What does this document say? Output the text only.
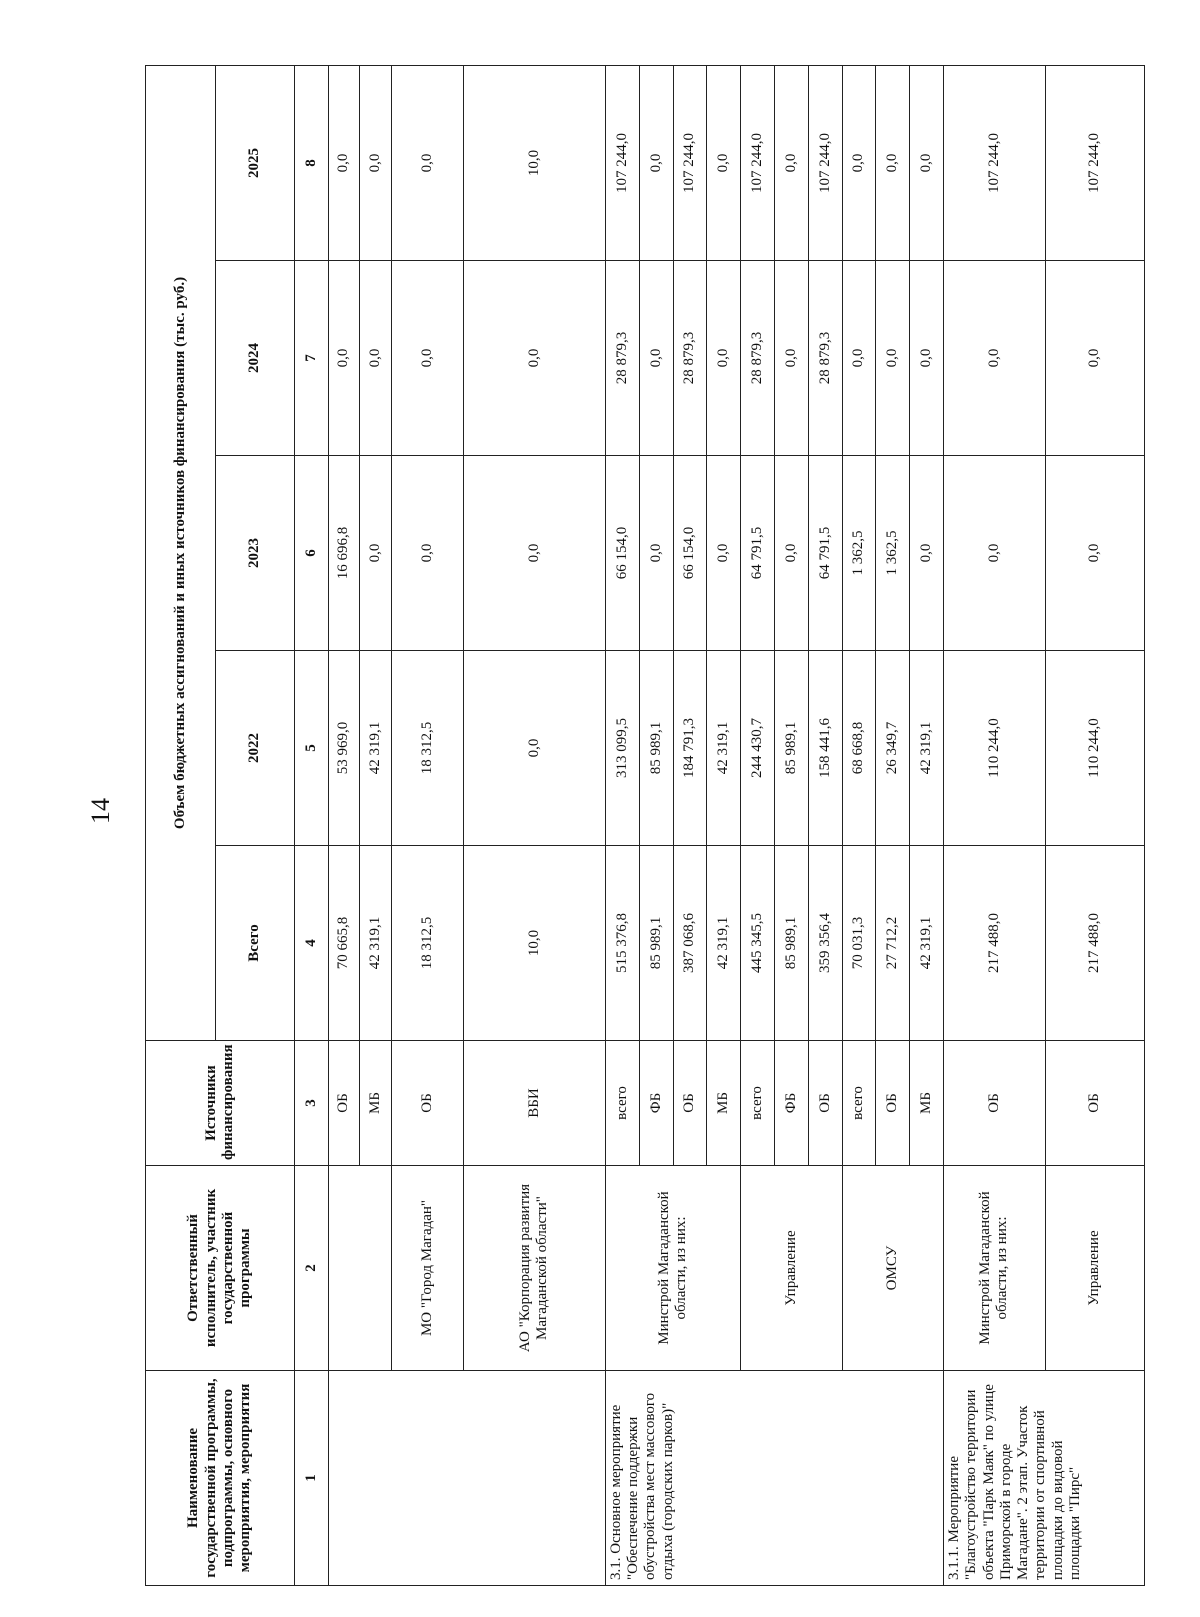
14
Наименование государственной программы, подпрограммы, основного мероприятия, мероприятия	Ответственный исполнитель, участник государственной программы	Источники финансирования	Объем бюджетных ассигнований и иных источников финансирования (тыс. руб.)				
			Всего	2022	2023	2024	2025
1	2	3	4	5	6	7	8
		ОБ	70 665,8	53 969,0	16 696,8	0,0	0,0
		МБ	42 319,1	42 319,1	0,0	0,0	0,0
	МО "Город Магадан"	ОБ	18 312,5	18 312,5	0,0	0,0	0,0
	АО "Корпорация развития Магаданской области"	ВБИ	10,0	0,0	0,0	0,0	10,0
3.1. Основное мероприятие "Обеспечение поддержки обустройства мест массового отдыха (городских парков)"	Минстрой Магаданской области, из них:	всего	515 376,8	313 099,5	66 154,0	28 879,3	107 244,0
		ФБ	85 989,1	85 989,1	0,0	0,0	0,0
		ОБ	387 068,6	184 791,3	66 154,0	28 879,3	107 244,0
		МБ	42 319,1	42 319,1	0,0	0,0	0,0
	Управление	всего	445 345,5	244 430,7	64 791,5	28 879,3	107 244,0
		ФБ	85 989,1	85 989,1	0,0	0,0	0,0
		ОБ	359 356,4	158 441,6	64 791,5	28 879,3	107 244,0
	ОМСУ	всего	70 031,3	68 668,8	1 362,5	0,0	0,0
		ОБ	27 712,2	26 349,7	1 362,5	0,0	0,0
		МБ	42 319,1	42 319,1	0,0	0,0	0,0
3.1.1. Мероприятие "Благоустройство территории объекта "Парк Маяк" по улице Приморской в городе Магадане". 2 этап. Участок территории от спортивной площадки до видовой площадки "Пирс"	Минстрой Магаданской области, из них:	ОБ	217 488,0	110 244,0	0,0	0,0	107 244,0
	Управление	ОБ	217 488,0	110 244,0	0,0	0,0	107 244,0
